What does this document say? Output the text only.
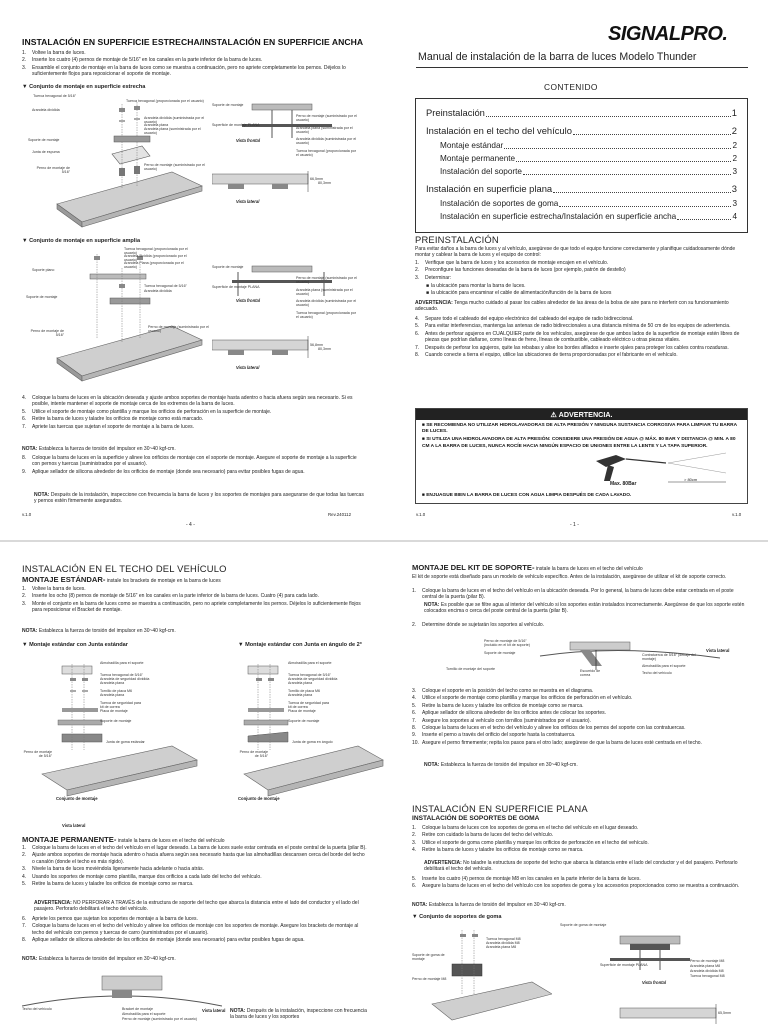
INSTALACIÓN EN SUPERFICIE ESTRECHA/INSTALACIÓN EN SUPERFICIE ANCHA
1.	Voltee la barra de luces.
2.	Inserte los cuatro (4) pernos de montaje de 5/16" en los canales en la parte inferior de la barra de luces.
3.	Ensamble el conjunto de montaje en la barra de luces como se muestra a continuación, pero no apriete completamente los pernos. Déjelos lo suficientemente flojos para reposicionar el soporte de montaje.
▼ Conjunto de montaje en superficie estrecha
Tuerca hexagonal de 5/16"
Arandela dividida
Soporte de montaje
Junta de espuma
Perno de montaje de 5/16"
Tuerca hexagonal (proporcionada por el usuario)
Arandela dividida (suministrada por el usuario)
Arandela plana
Arandela plana (suministrada por el usuario)
Perno de montaje (suministrado por el usuario)
Soporte de montaje
Superficie de montaje PLANA
Perno de montaje (suministrado por el usuario)
Arandela plana (suministrada por el usuario)
Arandela dividida (suministrada por el usuario)
Tuerca hexagonal (proporcionada por el usuario)
Vista frontal
66,5mm
80,3mm
Vista lateral
▼ Conjunto de montaje en superficie amplia
Tuerca hexagonal (proporcionada por el usuario)
Arandela dividida (proporcionado por el usuario)
Arandela Plana (proporcionada por el usuario)
Soporte plano
Tuerca hexagonal de 5/16"
Arandela dividida
Soporte de montaje
Perno de montaje de 5/16"
Perno de montaje (suministrado por el usuario)
Soporte de montaje
Superficie de montaje PLANA
Perno de montaje (suministrado por el usuario)
Arandela plana (suministrada por el usuario)
Arandela dividida (suministrada por el usuario)
Tuerca hexagonal (proporcionada por el usuario)
Vista frontal
56,8mm
80,3mm
Vista lateral
4.	Coloque la barra de luces en la ubicación deseada y ajuste ambos soportes de montaje hasta adentro o hacia afuera según sea necesario. Si es posible, intente mantener el soporte de montaje cerca de los extremos de la barra de luces.
5.	Utilice el soporte de montaje como plantilla y marque los orificios de perforación en la superficie de montaje.
6.	Retire la barra de luces y taladre los orificios de montaje como está marcado.
7.	Apriete las tuercas que sujetan el soporte de montaje a la barra de luces.
NOTA: Establezca la fuerza de torsión del impulsor en 30~40 kgf-cm.
8.	Coloque la barra de luces en la superficie y alinee los orificios de montaje con el soporte de montaje. Asegure el soporte de montaje a la superficie con pernos y tuercas (suministrados por el usuario).
9.	Aplique sellador de silicona alrededor de los orificios de montaje (donde sea necesario) para evitar posibles fugas de agua.
NOTA: Después de la instalación, inspeccione con frecuencia la barra de luces y los soportes de montajes para asegurarse de que todas las tuercas y pernos estén firmemente asegurados.
v.1.0
- 4 -
Rev.240112
SIGNALPRO.
Manual de instalación de la barra de luces Modelo Thunder
CONTENIDO
Preinstalación	1
Instalación en el techo del vehículo	2
Montaje estándar	2
Montaje permanente	2
Instalación del soporte	3
Instalación en superficie plana	3
Instalación de soportes de goma	3
Instalación en superficie estrecha/Instalación en superficie ancha	4
PREINSTALACIÓN
Para evitar daños a la barra de luces y al vehículo, asegúrese de que todo el equipo funcione correctamente y planifique cuidadosamente dónde montar y cablear la barra de luces y el equipo de control:
1.	Verifique que la barra de luces y los accesorios de montaje encajen en el vehículo.
2.	Preconfigure las funciones deseadas de la barra de luces (por ejemplo, patrón de destello)
3.	Determinar:
■ la ubicación para montar la barra de luces.
■ la ubicación para encaminar el cable de alimentación/función de la barra de luces
ADVERTENCIA: Tenga mucho cuidado al pasar los cables alrededor de las áreas de la bolsa de aire para no interferir con su funcionamiento adecuado.
4.	Separe todo el cableado del equipo electrónico del cableado del equipo de radio bidireccional.
5.	Para evitar interferencias, mantenga las antenas de radio bidireccionales a una distancia mínima de 50 cm de los equipos de advertencia.
6.	Antes de perforar agujeros en CUALQUIER parte de los vehículos, asegúrese de que ambos lados de la superficie de montaje estén libres de piezas que podrían dañarse, como líneas de freno, líneas de combustible, cableado eléctrico u otras piezas vitales.
7.	Después de perforar los agujeros, quite las rebabas y alise los bordes afilados e inserte ojales para proteger los cables contra rozaduras.
8.	Cuando conecte a tierra el equipo, utilice las ubicaciones de tierra proporcionadas por el fabricante en el vehículo.
⚠ ADVERTENCIA.
■ SE RECOMIENDA NO UTILIZAR HIDROLAVADORAS DE ALTA PRESIÓN Y NINGUNA SUSTANCIA CORROSIVA PARA LIMPIAR TU BARRA DE LUCES.
■ SI UTILIZA UNA HIDROLAVADORA DE ALTA PRESIÓN: CONSIDERE UNA PRESIÓN DE AGUA @ MÁX. 80 BAR Y DISTANCIA @ MIN. A 80 CM A LA BARRA DE LUCES, NUNCA ROCÍE HACIA NINGÚN ESPACIO DE UNIONES ENTRE LA LENTE Y LA TAPA SUPERIOR.
Max. 80Bar
> 80cm
■ ENJUAGUE BIEN LA BARRA DE LUCES CON AGUA LIMPIA DESPUÉS DE CADA LAVADO.
v.1.0
- 1 -
v.1.0
INSTALACIÓN EN EL TECHO DEL VEHÍCULO
MONTAJE ESTÁNDAR- instale los brackets de montaje en la barra de luces
1.	Voltee la barra de luces.
2.	Inserte los ocho (8) pernos de montaje de 5/16" en los canales en la parte inferior de la barra de luces. Cuatro (4) para cada lado.
3.	Monte el conjunto en la barra de luces como se muestra a continuación, pero no apriete completamente los pernos. Déjelos lo suficientemente flojos para reposicionar el Bracket de montaje.
NOTA: Establezca la fuerza de torsión del impulsor en 30~40 kgf-cm.
▼ Montaje estándar con Junta estándar	▼ Montaje estándar con Junta en ángulo de 2°
Almohadilla para el soporte
Tuerca hexagonal de 5/16"
Arandela de seguridad dividida
Arandela plana
Tornillo de placa M6
Arandela plana
Tuerca de seguridad para kit de correa
Placa de montaje
Soporte de montaje
Junta de goma estándar
Perno de montaje de 5/16"
Conjunto de montaje
Vista lateral
Almohadilla para el soporte
Tuerca hexagonal de 5/16"
Arandela de seguridad dividida
Arandela plana
Tornillo de placa M6
Arandela plana
Tuerca de seguridad para kit de correa
Placa de montaje
Soporte de montaje
Junta de goma en ángulo
Perno de montaje de 5/16"
Conjunto de montaje
MONTAJE PERMANENTE- instale la barra de luces en el techo del vehículo
1.	Coloque la barra de luces en el techo del vehículo en el lugar deseado. La barra de luces suele estar centrada en el poste central de la puerta (pilar B).
2.	Ajuste ambos soportes de montaje hacia adentro o hacia afuera según sea necesario hasta que las almohadillas descansen cerca del borde del techo o canalón (donde el techo es más rígido).
3.	Nivele la barra de luces moviéndola ligeramente hacia adelante o hacia atrás.
4.	Usando los soportes de montaje como plantilla, marque dos orificios a cada lado del techo del vehículo.
5.	Retire la barra de luces y taladre los orificios de montaje como se marca.
ADVERTENCIA: NO PERFORAR A TRAVÉS de la estructura de soporte del techo que abarca la distancia entre el lado del conductor y el lado del pasajero. Perforarlo debilitará el techo del vehículo.
6.	Apriete los pernos que sujetan los soportes de montaje a la barra de luces.
7.	Coloque la barra de luces en el techo del vehículo y alinee los orificios de montaje con los soportes de montaje. Asegure los brackets de montaje al techo del vehículo con pernos y tuercas de carro (suministrados por el usuario).
8.	Aplique sellador de silicona alrededor de los orificios de montaje (donde sea necesario) para evitar posibles fugas de agua.
NOTA: Establezca la fuerza de torsión del impulsor en 30~40 kgf-cm.
Techo del vehículo	Bracket de montaje
Almohadilla para el soporte
Perno de montaje (suministrado por el usuario)
Vista lateral NOTA: Después de la instalación, inspeccione con frecuencia la barra de luces y los soportes
MONTAJE DEL KIT DE SOPORTE- instale la barra de luces en el techo del vehículo
El kit de soporte está diseñado para un modelo de vehículo específico. Antes de la instalación, asegúrese de utilizar el kit de soporte correcto.
1.	Coloque la barra de luces en el techo del vehículo en la ubicación deseada. Por lo general, la barra de luces debe estar centrada en el poste central de la puerta (pilar B).
NOTA: Es posible que se filtre agua al interior del vehículo si los soportes están instalados incorrectamente. Asegúrese de que los soporte estén colocados encima o cerca del poste central de la puerta (pilar B).
2.	Determine dónde se sujetarán los soportes al vehículo.
Perno de montaje de 5/16" (incluido en el kit de soporte)
Soporte de montaje	Contratuerca de 5/16" (debajo del montaje)
Almohadilla para el soporte
Tornillo de montaje del soporte	Escurrido de correa	Techo del vehículo
Vista lateral
3.	Coloque el soporte en la posición del techo como se muestra en el diagrama.
4.	Utilice el soporte de montaje como plantilla y marque los orificios de perforación en el vehículo.
5.	Retire la barra de luces y taladre los orificios de montaje como se marca.
6.	Aplique sellador de silicona alrededor de los orificios antes de colocar los soportes.
7.	Asegure los soportes al vehículo con tornillos (suministrados por el usuario).
8.	Coloque la barra de luces en el techo del vehículo y alinee los orificios de los pernos del soporte con las contratuercas.
9.	Inserte el perno a través del orificio del soporte hasta la contratuerca.
10. Asegure el perno firmemente; repita los pasos para el otro lado; asegúrese de que la barra de luces esté centrada en el techo.
NOTA: Establezca la fuerza de torsión del impulsor en 30~40 kgf-cm.
INSTALACIÓN EN SUPERFICIE PLANA
INSTALACIÓN DE SOPORTES DE GOMA
1.	Coloque la barra de luces con los soportes de goma en el techo del vehículo en el lugar deseado.
2.	Retire con cuidado la barra de luces del techo del vehículo.
3.	Utilice el soporte de goma como plantilla y marque los orificios de perforación en el techo del vehículo.
4.	Retire la barra de luces y taladre los orificios de montaje como se marca.
ADVERTENCIA: No taladre la estructura de soporte del techo que abarca la distancia entre el lado del conductor y el del pasajero. Perforarlo debilitará el techo del vehículo.
5.	Inserte los cuatro (4) pernos de montaje M8 en los canales en la parte inferior de la barra de luces.
6.	Asegure la barra de luces en el techo del vehículo con los soportes de goma y los accesorios proporcionados como se muestra a continuación.
NOTA: Establezca la fuerza de torsión del impulsor en 30~40 kgf-cm.
▼ Conjunto de soportes de goma
Tuerca hexagonal M8
Arandela dividida M8
Arandela plana M8
Soporte de goma de montaje
Perno de montaje M8
Soporte de goma de montaje
Superficie de montaje PLANA
Perno de montaje M8
Arandela plana M8
Arandela dividida M8
Tuerca hexagonal M8
Vista frontal
65,5mm
